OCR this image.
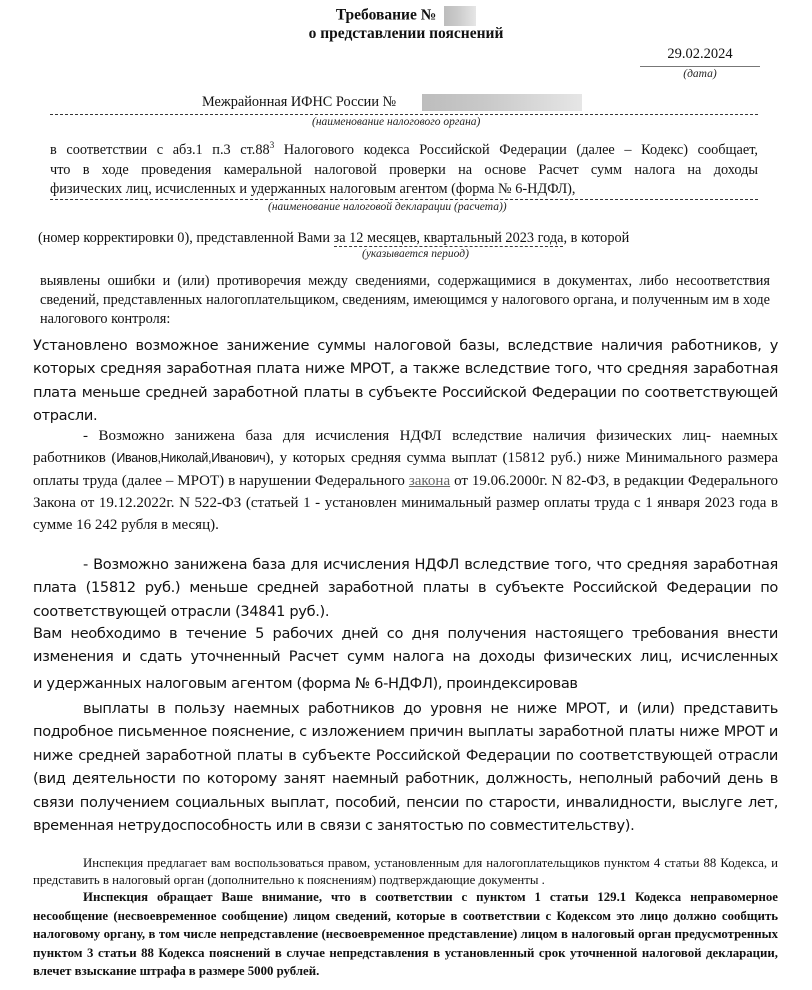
Требование №
о представлении пояснений
29.02.2024
(дата)
Межрайонная ИФНС России №
(наименование налогового органа)
в соответствии с абз.1 п.3 $ст.88^3$ Налогового кодекса Российской Федерации (далее – Кодекс) сообщает,
что в ходе проведения камеральной налоговой проверки на основе Расчет сумм налога на доходы
физических лиц, исчисленных и удержанных налоговым агентом (форма № 6-НДФЛ),
(наименование налоговой декларации (расчета))
(номер корректировки 0), представленной Вами за 12 месяцев, квартальный 2023 года, в которой
(указывается период)
выявлены ошибки и (или) противоречия между сведениями, содержащимися в документах, либо несоответствия сведений, представленных налогоплательщиком, сведениям, имеющимся у налогового органа, и полученным им в ходе налогового контроля:
Установлено возможное занижение суммы налоговой базы, вследствие наличия работников, у которых средняя заработная плата ниже МРОТ, а также вследствие того, что средняя заработная плата меньше средней заработной платы в субъекте Российской Федерации по соответствующей отрасли.
- Возможно занижена база для исчисления НДФЛ вследствие наличия физических лиц- наемных работников (Иванов,Николай,Иванович), у которых средняя сумма выплат (15812 руб.) ниже Минимального размера оплаты труда (далее – МРОТ) в нарушении Федерального закона от 19.06.2000г. N 82-ФЗ, в редакции Федерального Закона от 19.12.2022г. N 522-ФЗ (статьей 1 - установлен минимальный размер оплаты труда с 1 января 2023 года в сумме 16 242 рубля в месяц).
- Возможно занижена база для исчисления НДФЛ вследствие того, что средняя заработная плата (15812 руб.) меньше средней заработной платы в субъекте Российской Федерации по соответствующей отрасли (34841 руб.).
Вам необходимо в течение 5 рабочих дней со дня получения настоящего требования внести
изменения и сдать уточненный Расчет сумм налога на доходы физических лиц, исчисленных
и удержанных налоговым агентом (форма № 6-НДФЛ), проиндексировав
выплаты в пользу наемных работников до уровня не ниже МРОТ, и (или) представить подробное письменное пояснение, с изложением причин выплаты заработной платы ниже МРОТ и ниже средней заработной платы в субъекте Российской Федерации по соответствующей отрасли (вид деятельности по которому занят наемный работник, должность, неполный рабочий день в связи получением социальных выплат, пособий, пенсии по старости, инвалидности, выслуге лет, временная нетрудоспособность или в связи с занятостью по совместительству).
Инспекция предлагает вам воспользоваться правом, установленным для налогоплательщиков пунктом 4 статьи 88 Кодекса, и представить в налоговый орган (дополнительно к пояснениям) подтверждающие документы .
Инспекция обращает Ваше внимание, что в соответствии с пунктом 1 статьи 129.1 Кодекса неправомерное несообщение (несвоевременное сообщение) лицом сведений, которые в соответствии с Кодексом это лицо должно сообщить налоговому органу, в том числе непредставление (несвоевременное представление) лицом в налоговый орган предусмотренных пунктом 3 статьи 88 Кодекса пояснений в случае непредставления в установленный срок уточненной налоговой декларации, влечет взыскание штрафа в размере 5000 рублей.
